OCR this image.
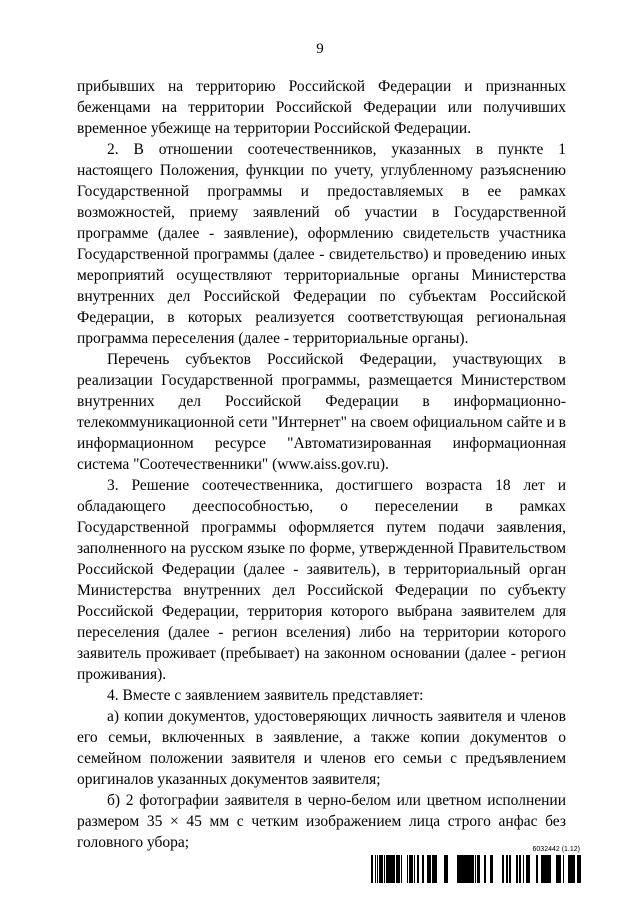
9

прибывших на территорию Российской Федерации и признанных беженцами на территории Российской Федерации или получивших временное убежище на территории Российской Федерации.

2. В отношении соотечественников, указанных в пункте 1 настоящего Положения, функции по учету, углубленному разъяснению Государственной программы и предоставляемых в ее рамках возможностей, приему заявлений об участии в Государственной программе (далее - заявление), оформлению свидетельств участника Государственной программы (далее - свидетельство) и проведению иных мероприятий осуществляют территориальные органы Министерства внутренних дел Российской Федерации по субъектам Российской Федерации, в которых реализуется соответствующая региональная программа переселения (далее - территориальные органы).

Перечень субъектов Российской Федерации, участвующих в реализации Государственной программы, размещается Министерством внутренних дел Российской Федерации в информационно-телекоммуникационной сети "Интернет" на своем официальном сайте и в информационном ресурсе "Автоматизированная информационная система "Соотечественники" (www.aiss.gov.ru).

3. Решение соотечественника, достигшего возраста 18 лет и обладающего дееспособностью, о переселении в рамках Государственной программы оформляется путем подачи заявления, заполненного на русском языке по форме, утвержденной Правительством Российской Федерации (далее - заявитель), в территориальный орган Министерства внутренних дел Российской Федерации по субъекту Российской Федерации, территория которого выбрана заявителем для переселения (далее - регион вселения) либо на территории которого заявитель проживает (пребывает) на законном основании (далее - регион проживания).

4. Вместе с заявлением заявитель представляет:

а) копии документов, удостоверяющих личность заявителя и членов его семьи, включенных в заявление, а также копии документов о семейном положении заявителя и членов его семьи с предъявлением оригиналов указанных документов заявителя;

б) 2 фотографии заявителя в черно-белом или цветном исполнении размером 35 × 45 мм с четким изображением лица строго анфас без головного убора;	6032442 (1.12)
